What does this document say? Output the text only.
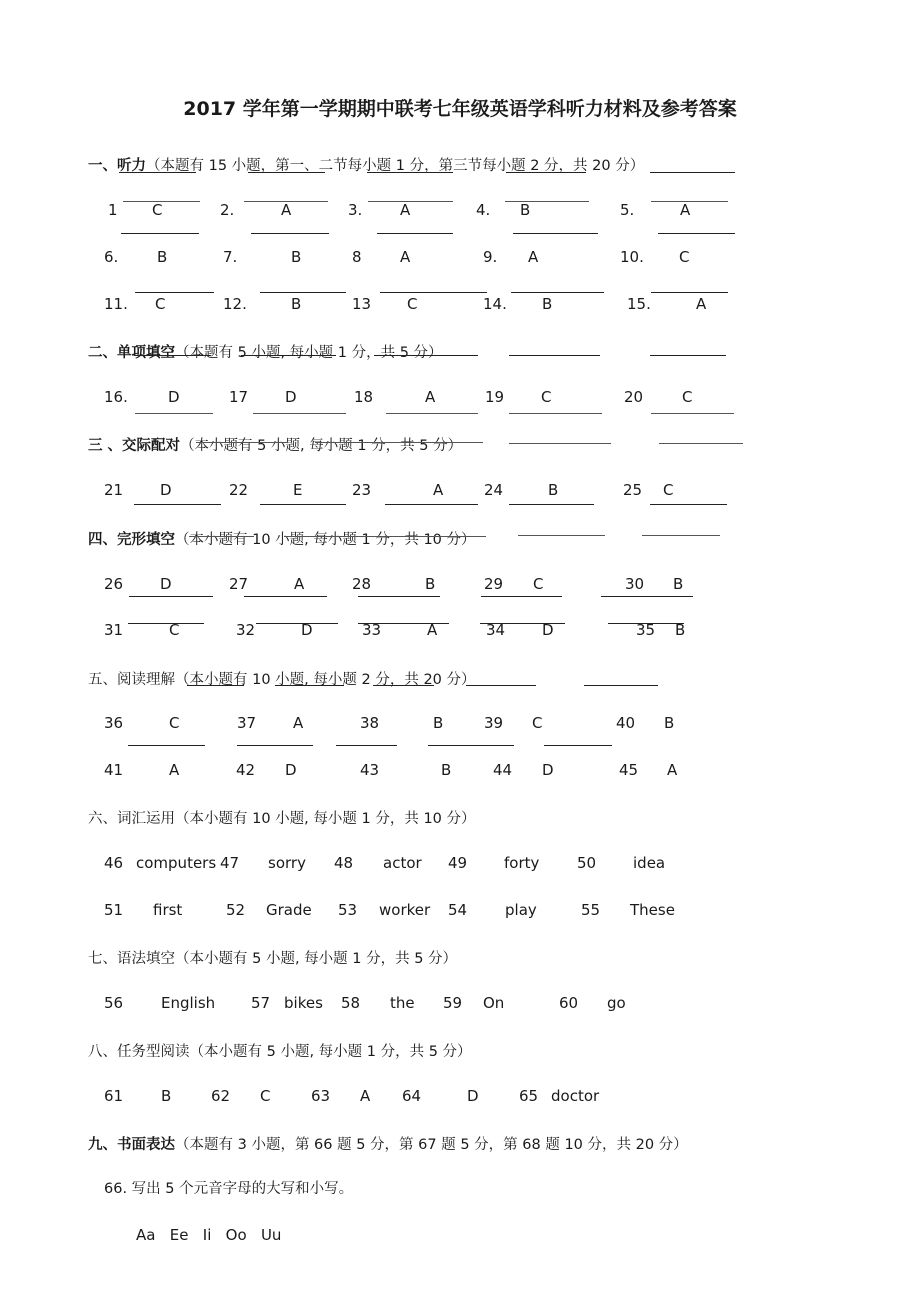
2017 学年第一学期期中联考七年级英语学科听力材料及参考答案
一、听力（本题有 15 小题，第一、二节每小题 1 分，第三节每小题 2 分，共 20 分）
二、单项填空（本题有 5 小题, 每小题 1 分，共 5 分）
三 、交际配对（本小题有 5 小题, 每小题 1 分，共 5 分）
四、完形填空（本小题有 10 小题, 每小题 1 分，共 10 分）
五、阅读理解（本小题有 10 小题, 每小题 2 分，共 20 分）
六、词汇运用（本小题有 10 小题, 每小题 1 分，共 10 分）
七、语法填空（本小题有 5 小题, 每小题 1 分，共 5 分）
八、任务型阅读（本小题有 5 小题, 每小题 1 分，共 5 分）
九、书面表达（本题有 3 小题，第 66 题 5 分，第 67 题 5 分，第 68 题 10 分，共 20 分）
1 C	2.	A	3.	A	4. B	5.	A
6.	B	7.	B	8	A	9. A	10. C
11. C	12.	B	13 C	14. B	15.	A
16.	D	17 D	18	A	19 C	20	C
21 D	22	E	23	A	24	B	25 C
26 D	27	A	28	B	29 C	30 B
31	C	32	D	33	A	34 D	35 B
36	C	37 A	38	B	39 C	40 B
41	A	42 D	43	B	44 D	45 A
46 computers 47 sorry 48 actor 49 forty	50 idea
51 first	52 Grade 53 worker 54	play	55 These
56	English 57 bikes 58 the 59 On	60 go
61	B	62 C	63 A 64	D	65 doctor
66. 写出 5 个元音字母的大写和小写。
Aa   Ee   Ii   Oo   Uu
